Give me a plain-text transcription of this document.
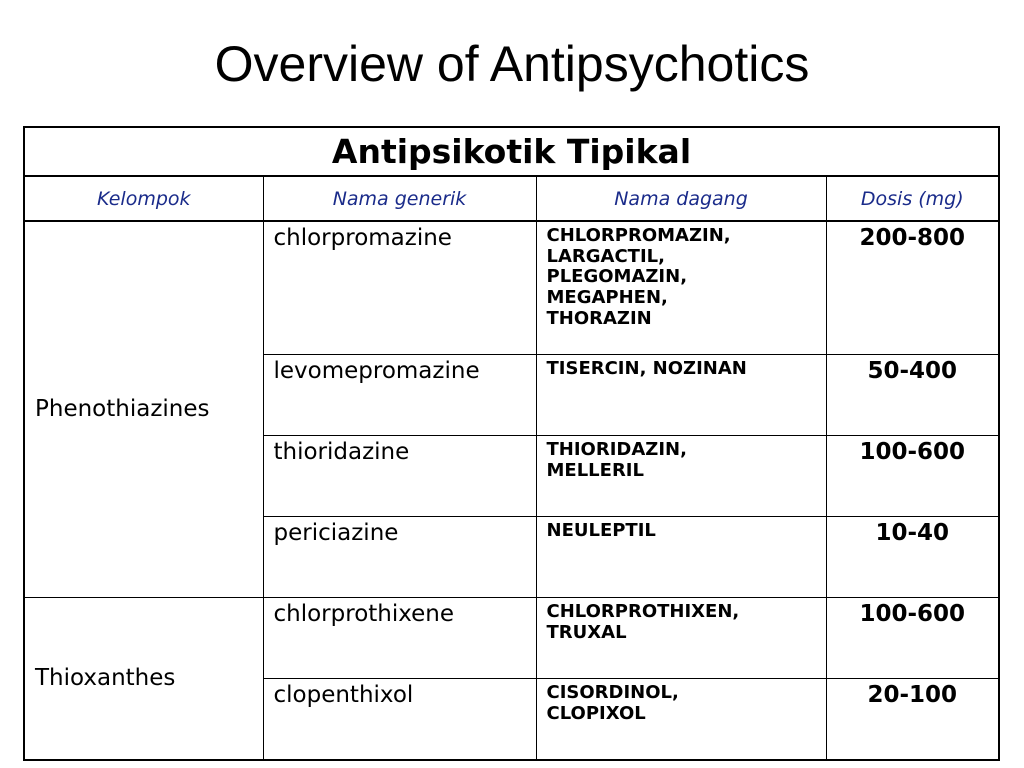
Overview of Antipsychotics
Antipsikotik Tipikal			
Kelompok	Nama generik	Nama dagang	Dosis (mg)
Phenothiazines	chlorpromazine	CHLORPROMAZIN,
LARGACTIL,
PLEGOMAZIN,
MEGAPHEN,
THORAZIN	200-800
	levomepromazine	TISERCIN, NOZINAN	50-400
	thioridazine	THIORIDAZIN,
MELLERIL	100-600
	periciazine	NEULEPTIL	10-40
Thioxanthes	chlorprothixene	CHLORPROTHIXEN,
TRUXAL	100-600
	clopenthixol	CISORDINOL,
CLOPIXOL	20-100
